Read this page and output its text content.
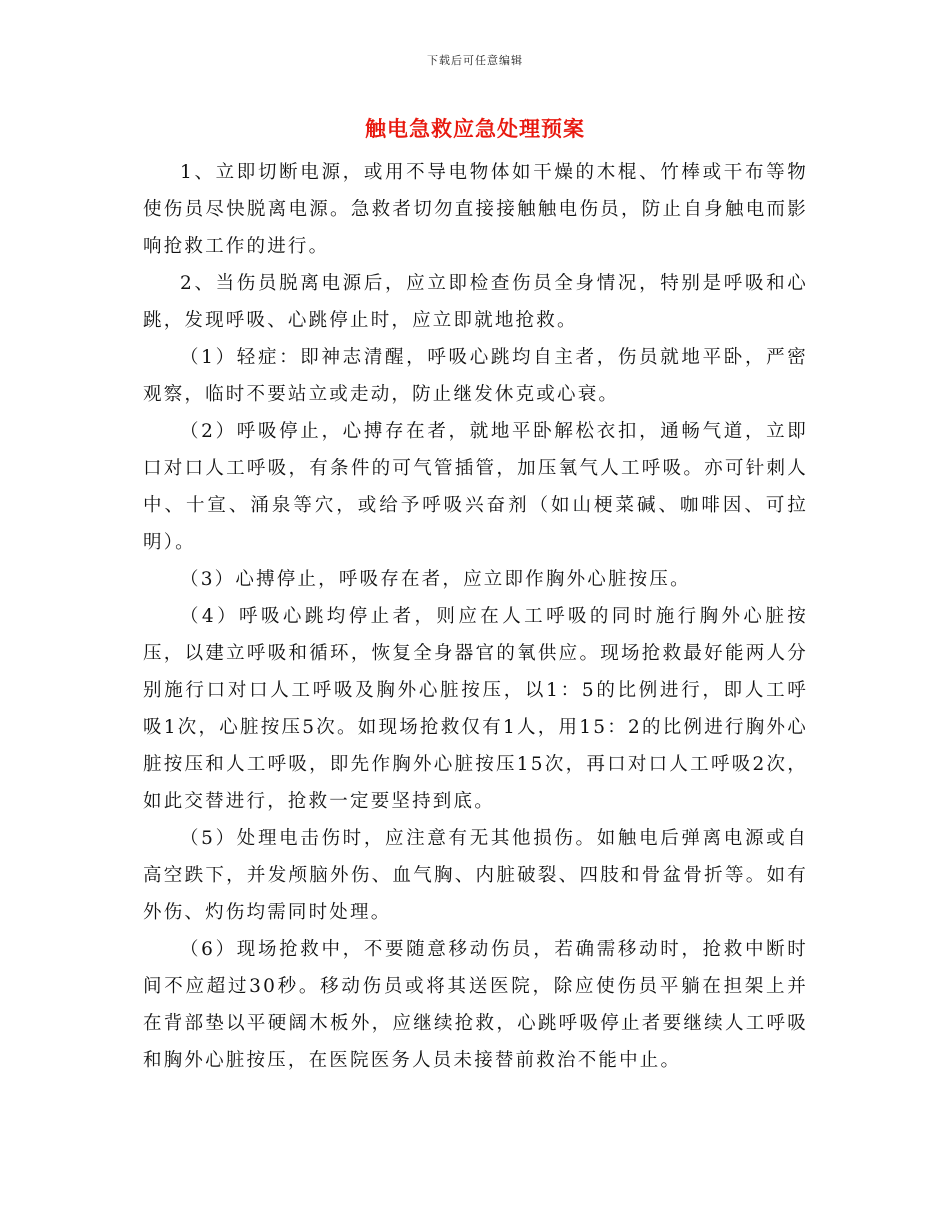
下载后可任意编辑
触电急救应急处理预案

1、立即切断电源，或用不导电物体如干燥的木棍、竹棒或干布等物使伤员尽快脱离电源。急救者切勿直接接触触电伤员，防止自身触电而影响抢救工作的进行。

2、当伤员脱离电源后，应立即检查伤员全身情况，特别是呼吸和心跳，发现呼吸、心跳停止时，应立即就地抢救。

（1）轻症：即神志清醒，呼吸心跳均自主者，伤员就地平卧，严密观察，临时不要站立或走动，防止继发休克或心衰。

（2）呼吸停止，心搏存在者，就地平卧解松衣扣，通畅气道，立即口对口人工呼吸，有条件的可气管插管，加压氧气人工呼吸。亦可针刺人中、十宣、涌泉等穴，或给予呼吸兴奋剂（如山梗菜碱、咖啡因、可拉明）。

（3）心搏停止，呼吸存在者，应立即作胸外心脏按压。

（4）呼吸心跳均停止者，则应在人工呼吸的同时施行胸外心脏按压，以建立呼吸和循环，恢复全身器官的氧供应。现场抢救最好能两人分别施行口对口人工呼吸及胸外心脏按压，以1：5的比例进行，即人工呼吸1次，心脏按压5次。如现场抢救仅有1人，用15：2的比例进行胸外心脏按压和人工呼吸，即先作胸外心脏按压15次，再口对口人工呼吸2次，如此交替进行，抢救一定要坚持到底。

（5）处理电击伤时，应注意有无其他损伤。如触电后弹离电源或自高空跌下，并发颅脑外伤、血气胸、内脏破裂、四肢和骨盆骨折等。如有外伤、灼伤均需同时处理。

（6）现场抢救中，不要随意移动伤员，若确需移动时，抢救中断时间不应超过30秒。移动伤员或将其送医院，除应使伤员平躺在担架上并在背部垫以平硬阔木板外，应继续抢救，心跳呼吸停止者要继续人工呼吸和胸外心脏按压，在医院医务人员未接替前救治不能中止。
